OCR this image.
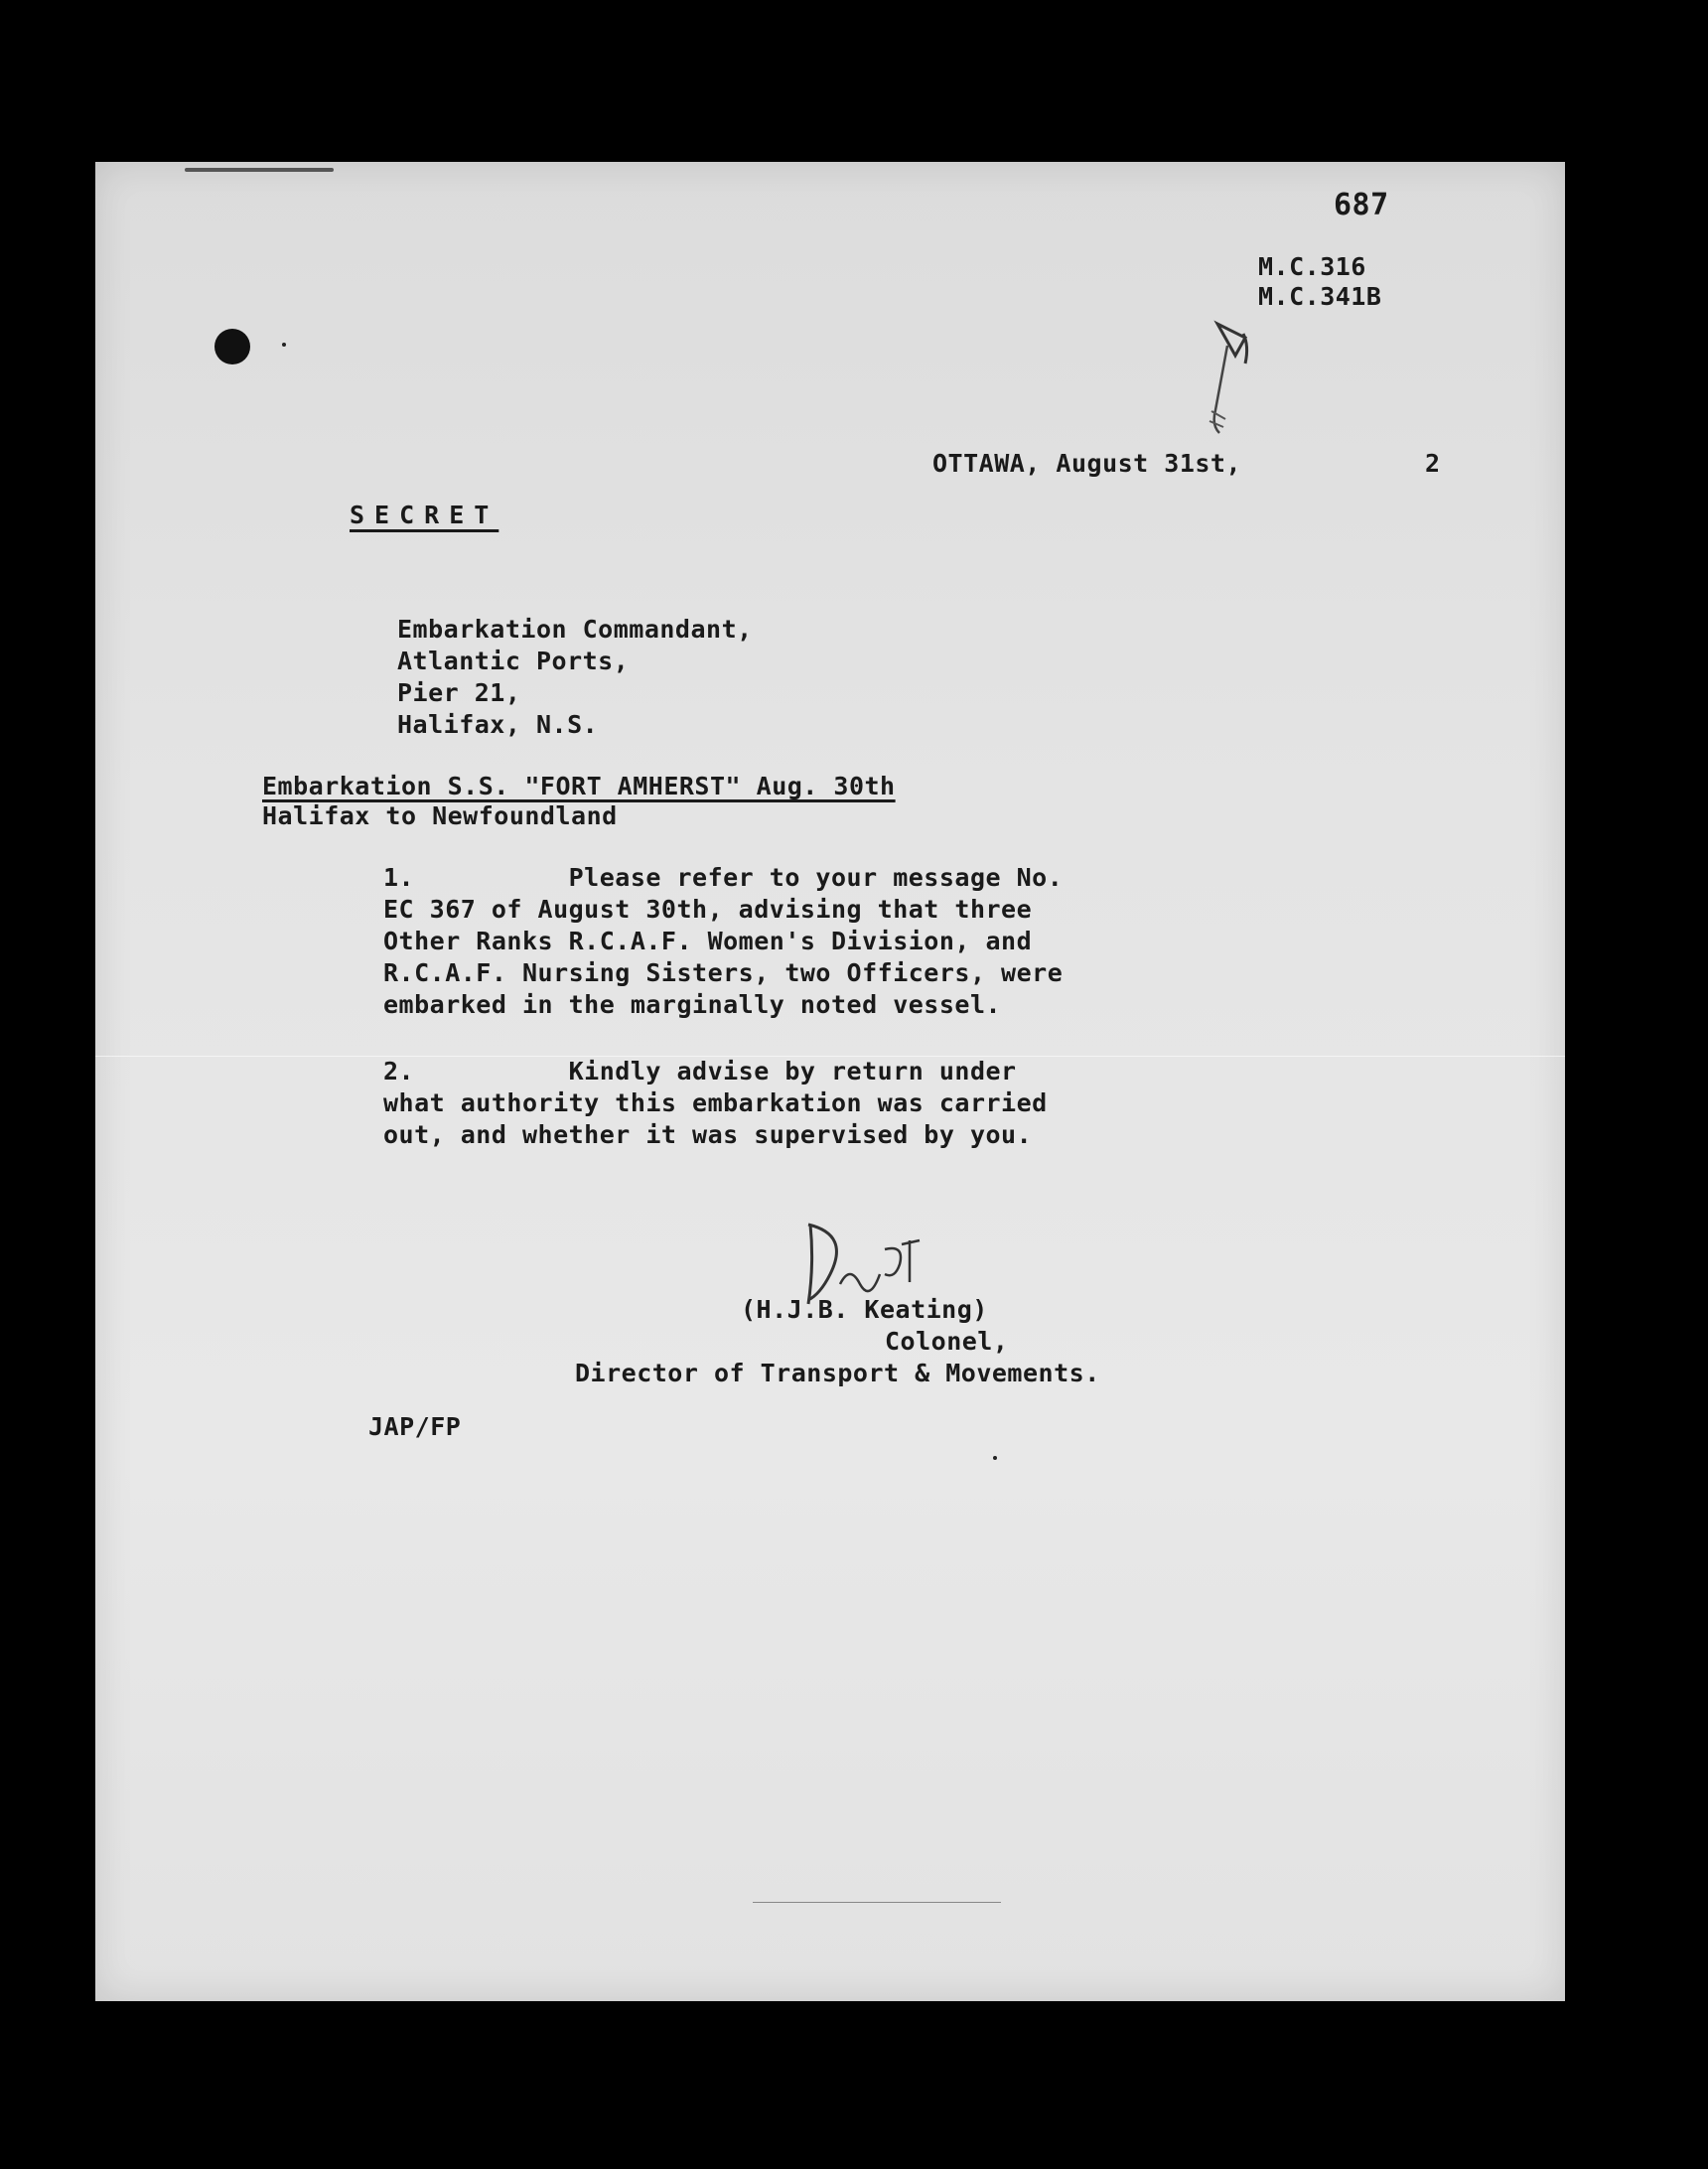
687
M.C.316
M.C.341B
OTTAWA, August 31st,	2
SECRET
Embarkation Commandant,
Atlantic Ports,
Pier 21,
Halifax, N.S.
Embarkation S.S. "FORT AMHERST" Aug. 30th
Halifax to Newfoundland
1.          Please refer to your message No.
EC 367 of August 30th, advising that three
Other Ranks R.C.A.F. Women's Division, and
R.C.A.F. Nursing Sisters, two Officers, were
embarked in the marginally noted vessel.
2.          Kindly advise by return under
what authority this embarkation was carried
out, and whether it was supervised by you.
(H.J.B. Keating)
Colonel,
Director of Transport & Movements.
JAP/FP
